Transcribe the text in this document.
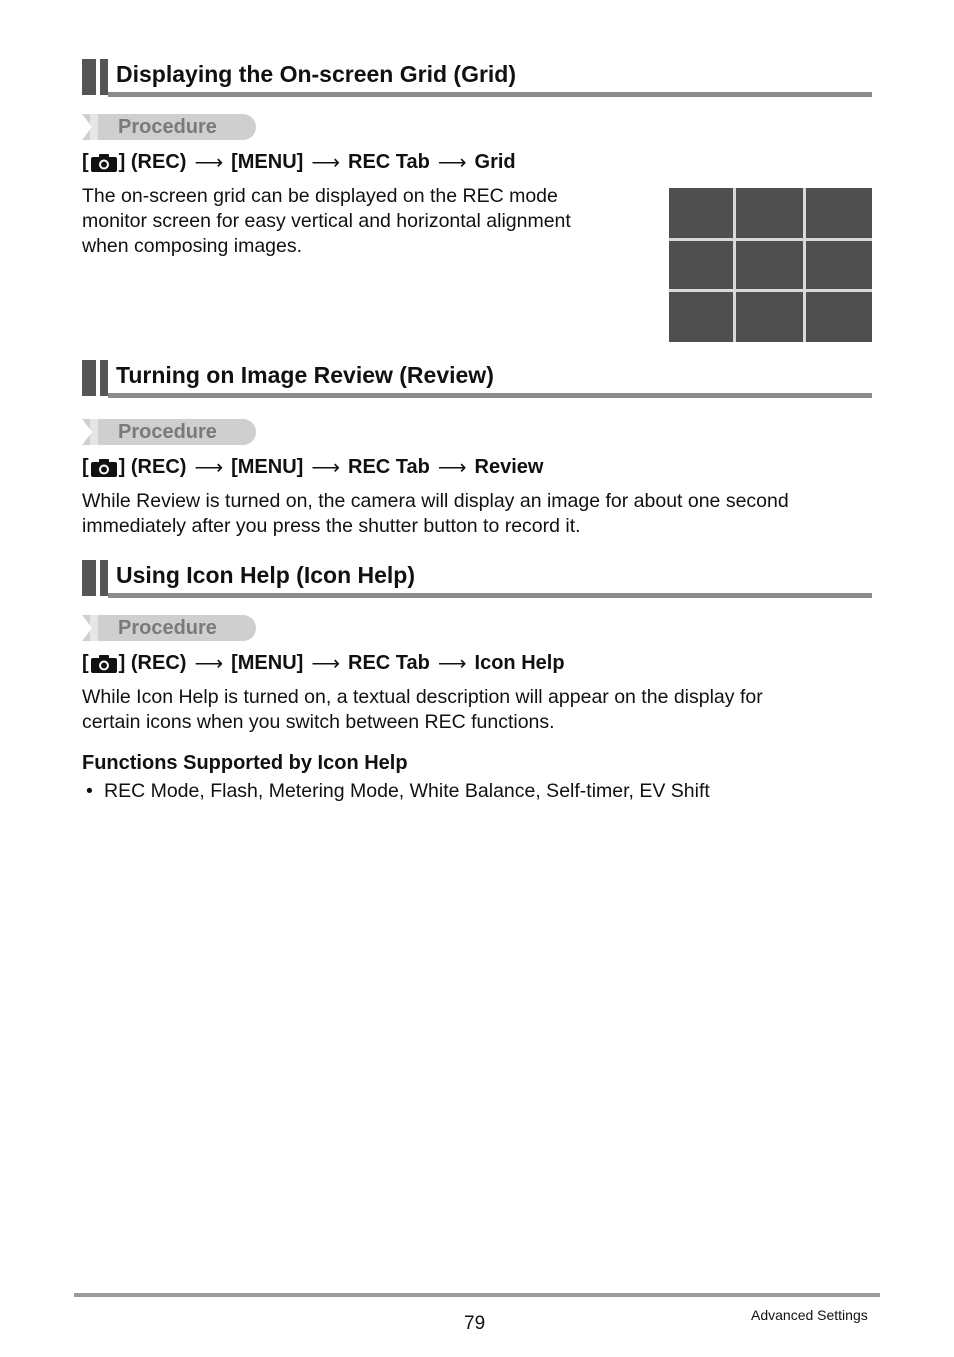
Displaying the On-screen Grid (Grid)
Procedure
[ ] (REC) ⟶ [MENU] ⟶ REC Tab ⟶ Grid
The on-screen grid can be displayed on the REC mode
monitor screen for easy vertical and horizontal alignment
when composing images.
Turning on Image Review (Review)
Procedure
[ ] (REC) ⟶ [MENU] ⟶ REC Tab ⟶ Review
While Review is turned on, the camera will display an image for about one second
immediately after you press the shutter button to record it.
Using Icon Help (Icon Help)
Procedure
[ ] (REC) ⟶ [MENU] ⟶ REC Tab ⟶ Icon Help
While Icon Help is turned on, a textual description will appear on the display for
certain icons when you switch between REC functions.
Functions Supported by Icon Help
• REC Mode, Flash, Metering Mode, White Balance, Self-timer, EV Shift
79	Advanced Settings
